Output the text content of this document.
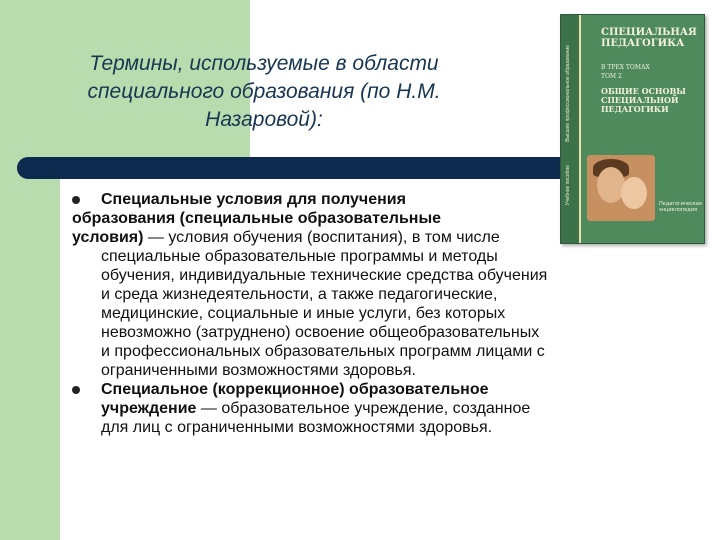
Термины, используемые в области
специального образования (по Н.М.
Назаровой):	Высшее профессиональное образование
Учебное пособие
СПЕЦИАЛЬНАЯ
ПЕДАГОГИКА
В ТРЕХ ТОМАХ
ТОМ 2
ОБЩИЕ ОСНОВЫ
СПЕЦИАЛЬНОЙ
ПЕДАГОГИКИ
Педагогическая энциклопедия
Специальные условия для получения
образования (специальные образовательные
условия) — условия обучения (воспитания), в том числе
специальные образовательные программы и методы
обучения, индивидуальные технические средства обучения
и среда жизнедеятельности, а также педагогические,
медицинские, социальные и иные услуги, без которых
невозможно (затруднено) освоение общеобразовательных
и профессиональных образовательных программ лицами с
ограниченными возможностями здоровья.
Специальное (коррекционное) образовательное
учреждение — образовательное учреждение, созданное
для лиц с ограниченными возможностями здоровья.
